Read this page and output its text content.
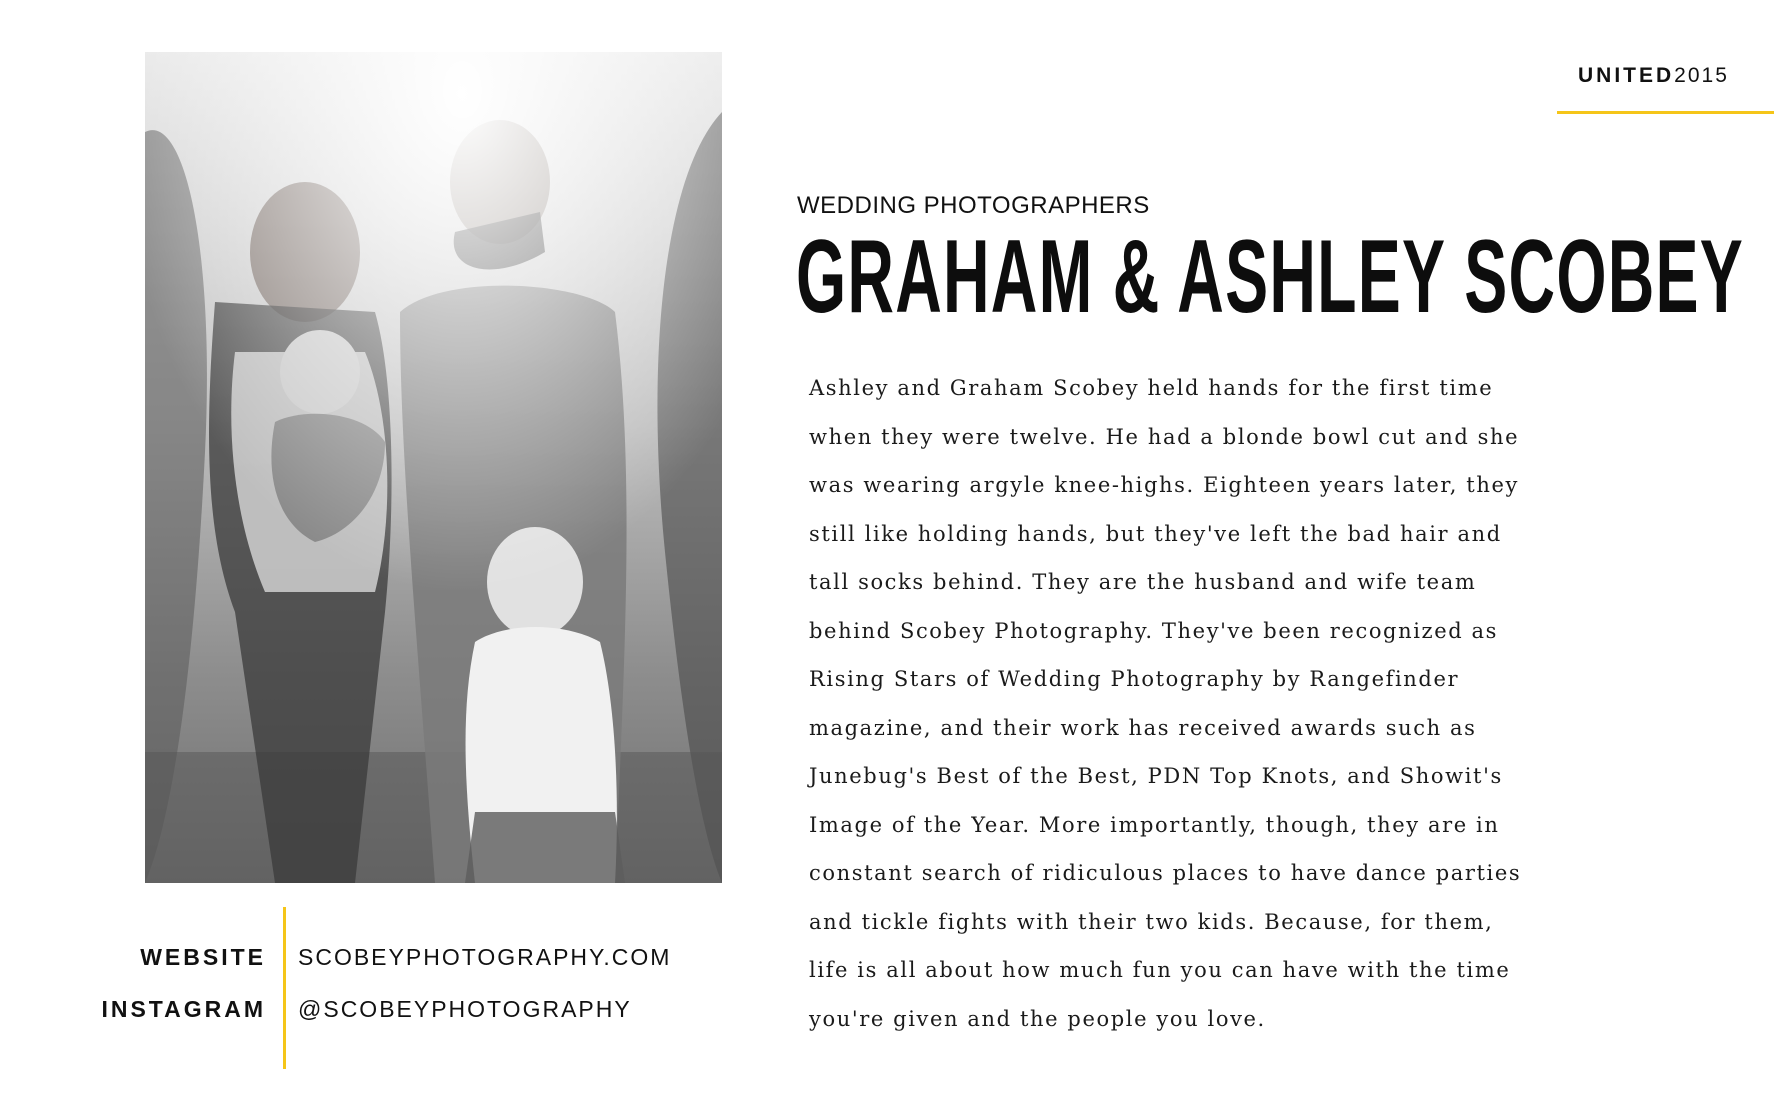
UNITED2015
WEDDING PHOTOGRAPHERS
GRAHAM & ASHLEY SCOBEY
Ashley and Graham Scobey held hands for the first time
when they were twelve. He had a blonde bowl cut and she
was wearing argyle knee-highs. Eighteen years later, they
still like holding hands, but they've left the bad hair and
tall socks behind. They are the husband and wife team
behind Scobey Photography. They've been recognized as
Rising Stars of Wedding Photography by Rangefinder
magazine, and their work has received awards such as
Junebug's Best of the Best, PDN Top Knots, and Showit's
Image of the Year. More importantly, though, they are in
constant search of ridiculous places to have dance parties
and tickle fights with their two kids. Because, for them,
life is all about how much fun you can have with the time
you're given and the people you love.
WEBSITE SCOBEYPHOTOGRAPHY.COM
INSTAGRAM @SCOBEYPHOTOGRAPHY
